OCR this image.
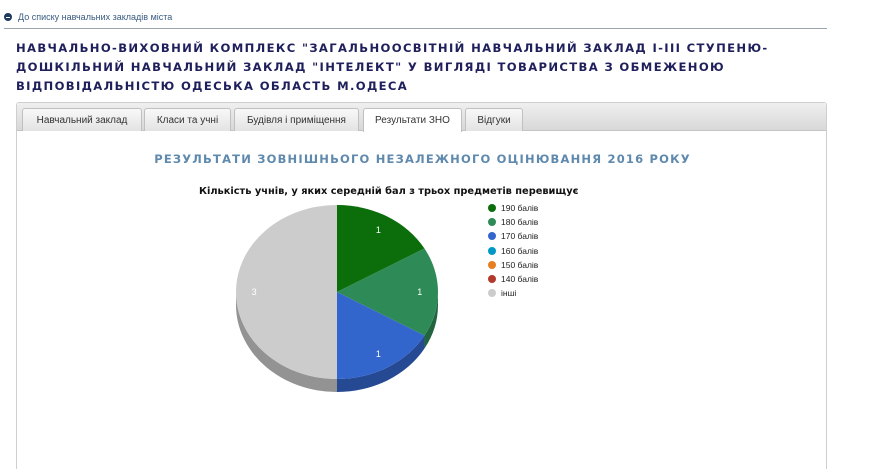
До списку навчальних закладів міста
НАВЧАЛЬНО-ВИХОВНИЙ КОМПЛЕКС "ЗАГАЛЬНООСВІТНІЙ НАВЧАЛЬНИЙ ЗАКЛАД І-ІІІ СТУПЕНЮ-ДОШКІЛЬНИЙ НАВЧАЛЬНИЙ ЗАКЛАД "ІНТЕЛЕКТ" У ВИГЛЯДІ ТОВАРИСТВА З ОБМЕЖЕНОЮ ВІДПОВІДАЛЬНІСТЮ ОДЕСЬКА ОБЛАСТЬ М.ОДЕСА
Навчальний заклад	Класи та учні	Будівля і приміщення	Результати ЗНО	Відгуки
РЕЗУЛЬТАТИ ЗОВНІШНЬОГО НЕЗАЛЕЖНОГО ОЦІНЮВАННЯ 2016 РОКУ
Кількість учнів, у яких середній бал з трьох предметів перевищує
1
1
1
3
190 балів
180 балів
170 балів
160 балів
150 балів
140 балів
інші
